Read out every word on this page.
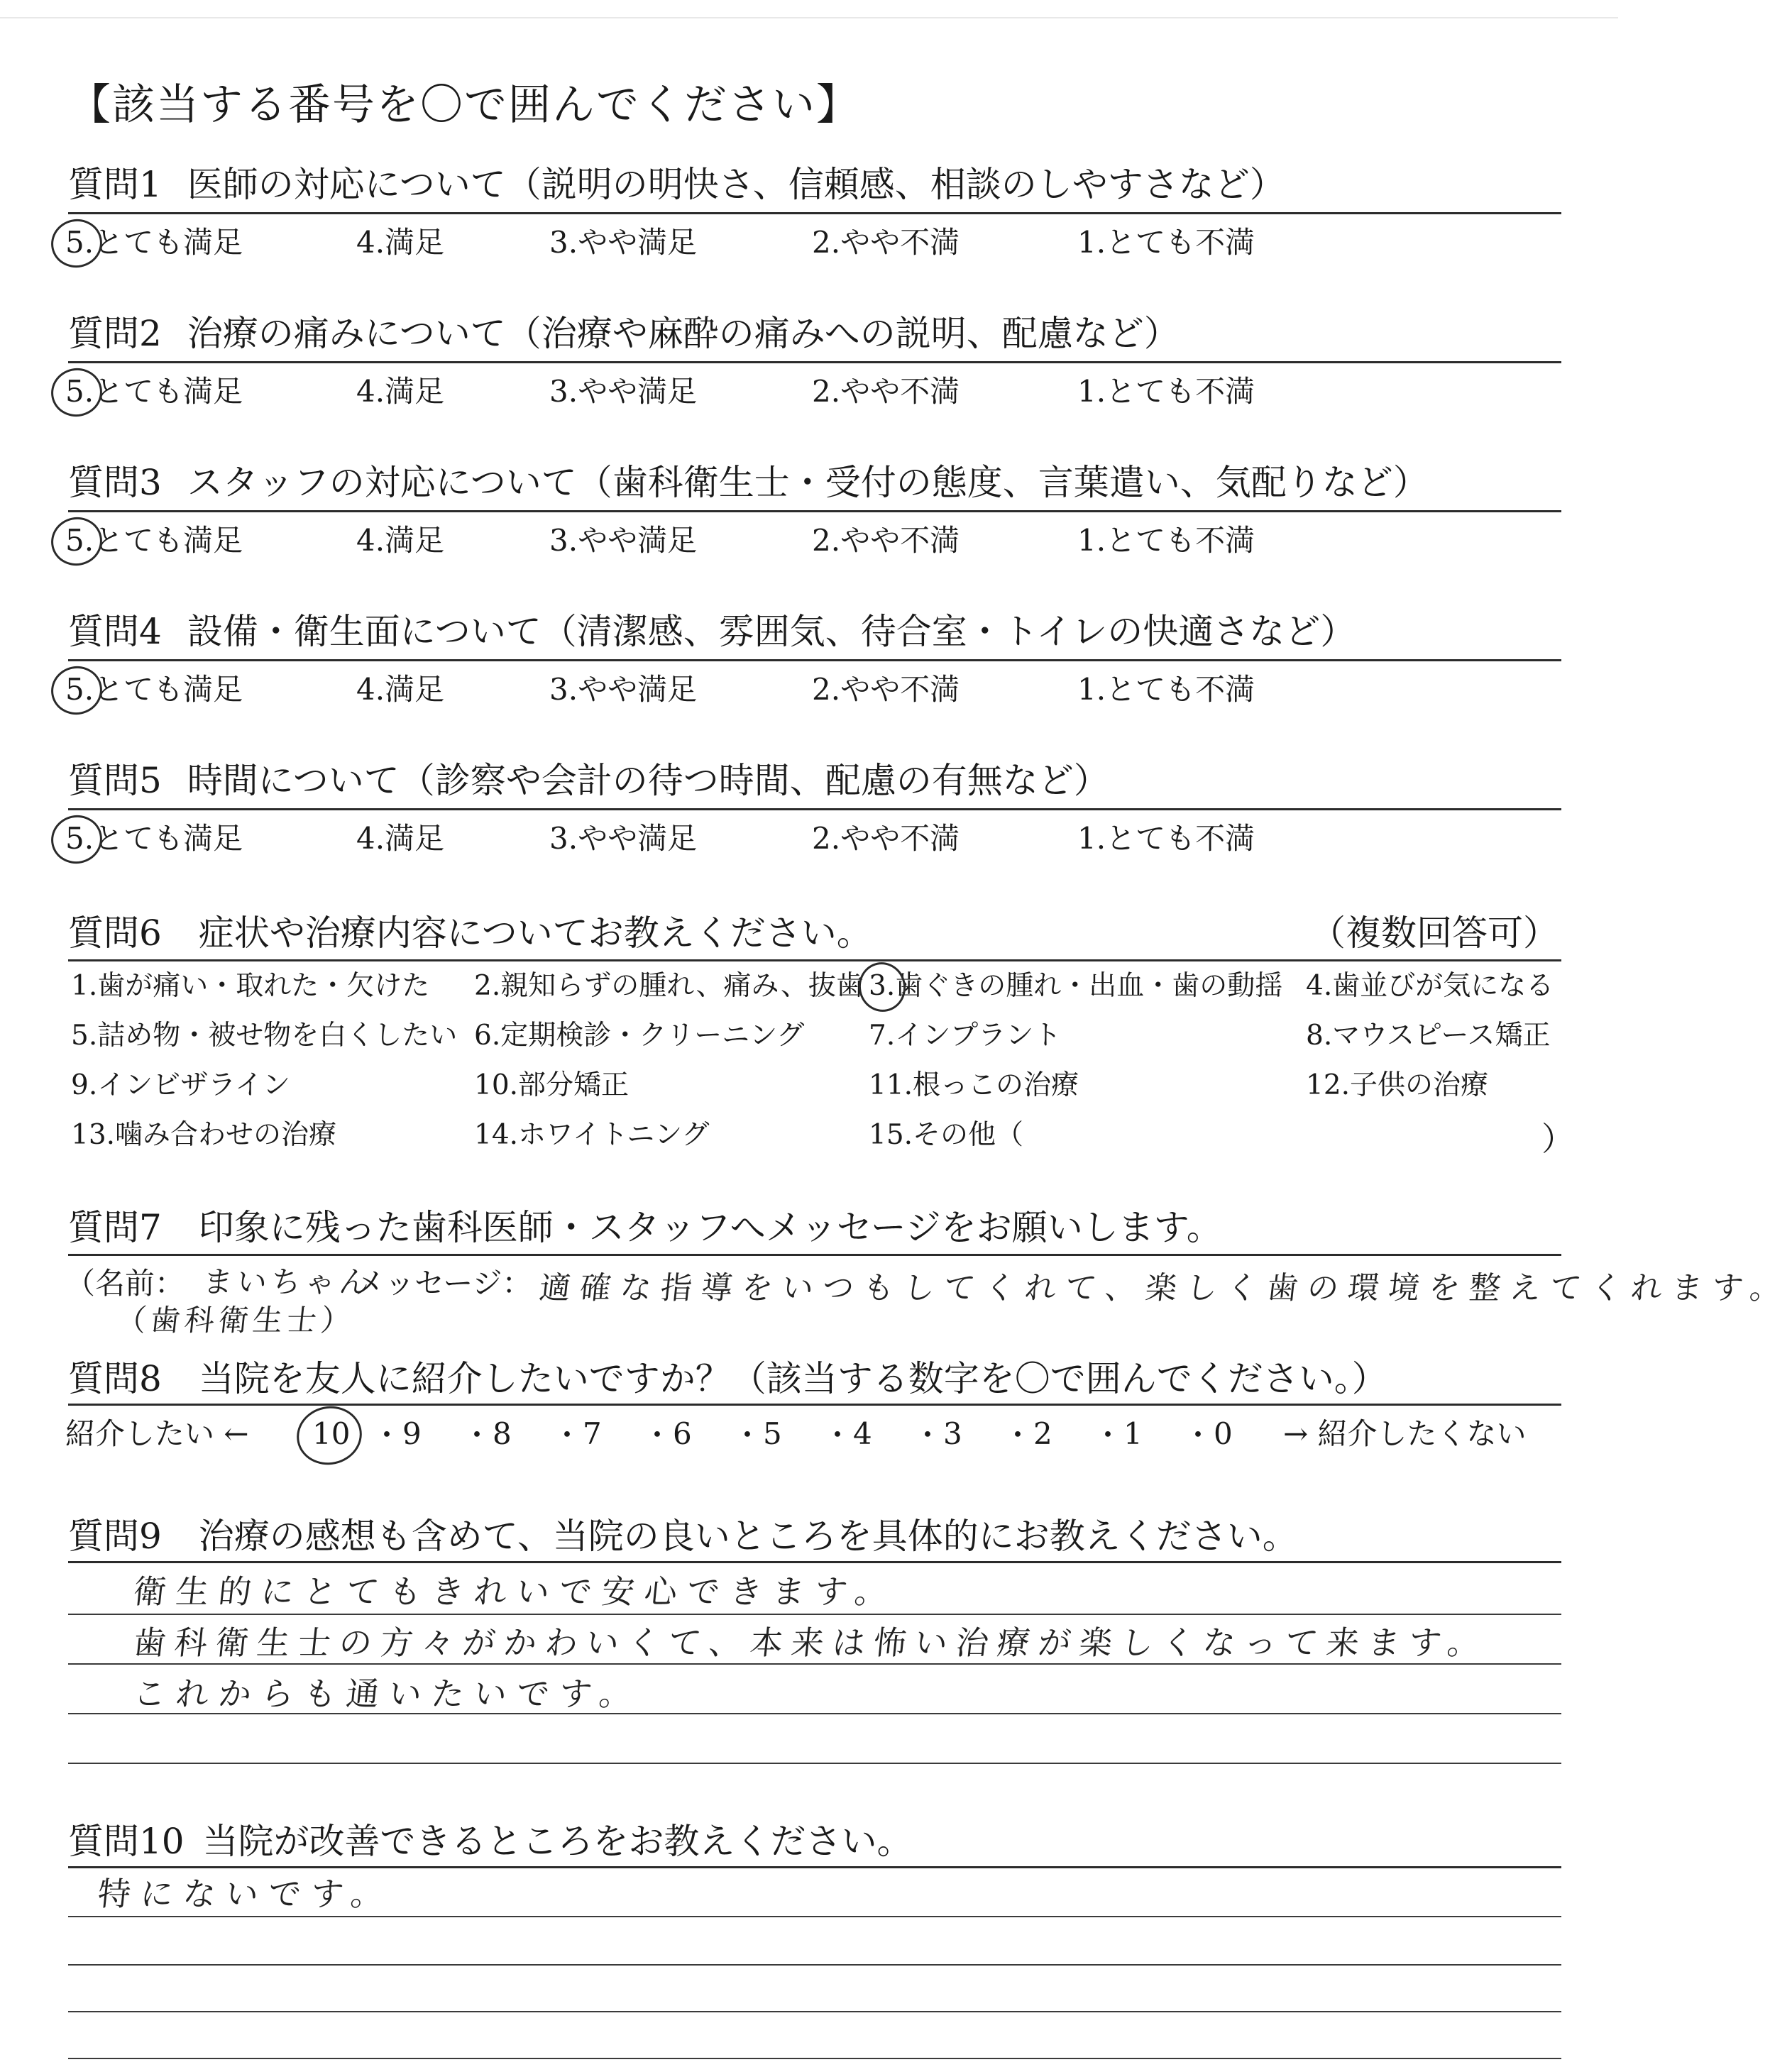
【該当する番号を〇で囲んでください】
質問1 医師の対応について（説明の明快さ、信頼感、相談のしやすさなど）
5.とても満足	4.満足	3.やや満足	2.やや不満	1.とても不満
質問2 治療の痛みについて（治療や麻酔の痛みへの説明、配慮など）
5.とても満足	4.満足	3.やや満足	2.やや不満	1.とても不満
質問3 スタッフの対応について（歯科衛生士・受付の態度、言葉遣い、気配りなど）
5.とても満足	4.満足	3.やや満足	2.やや不満	1.とても不満
質問4 設備・衛生面について（清潔感、雰囲気、待合室・トイレの快適さなど）
5.とても満足	4.満足	3.やや満足	2.やや不満	1.とても不満
質問5 時間について（診察や会計の待つ時間、配慮の有無など）
5.とても満足	4.満足	3.やや満足	2.やや不満	1.とても不満
質問6 症状や治療内容についてお教えください。	（複数回答可）
1.歯が痛い・取れた・欠けた 2.親知らずの腫れ、痛み、抜歯 3.歯ぐきの腫れ・出血・歯の動揺 4.歯並びが気になる
5.詰め物・被せ物を白くしたい 6.定期検診・クリーニング 7.インプラント	8.マウスピース矯正
9.インビザライン	10.部分矯正	11.根っこの治療	12.子供の治療
13.噛み合わせの治療	14.ホワイトニング	15.その他（	）
質問7 印象に残った歯科医師・スタッフへメッセージをお願いします。
（名前： まいちゃん
メッセージ： 適確な指導をいつもしてくれて、楽しく歯の環境を整えてくれます。
（歯科衛生士）
質問8 当院を友人に紹介したいですか？（該当する数字を〇で囲んでください。）
紹介したい ← 10 ・ 9 ・ 8 ・ 7 ・ 6 ・ 5 ・ 4 ・ 3 ・ 2 ・ 1 ・ 0 → 紹介したくない
質問9 治療の感想も含めて、当院の良いところを具体的にお教えください。
衛生的にとてもきれいで安心できます。
歯科衛生士の方々がかわいくて、本来は怖い治療が楽しくなって来ます。
これからも通いたいです。
質問10 当院が改善できるところをお教えください。
特にないです。
